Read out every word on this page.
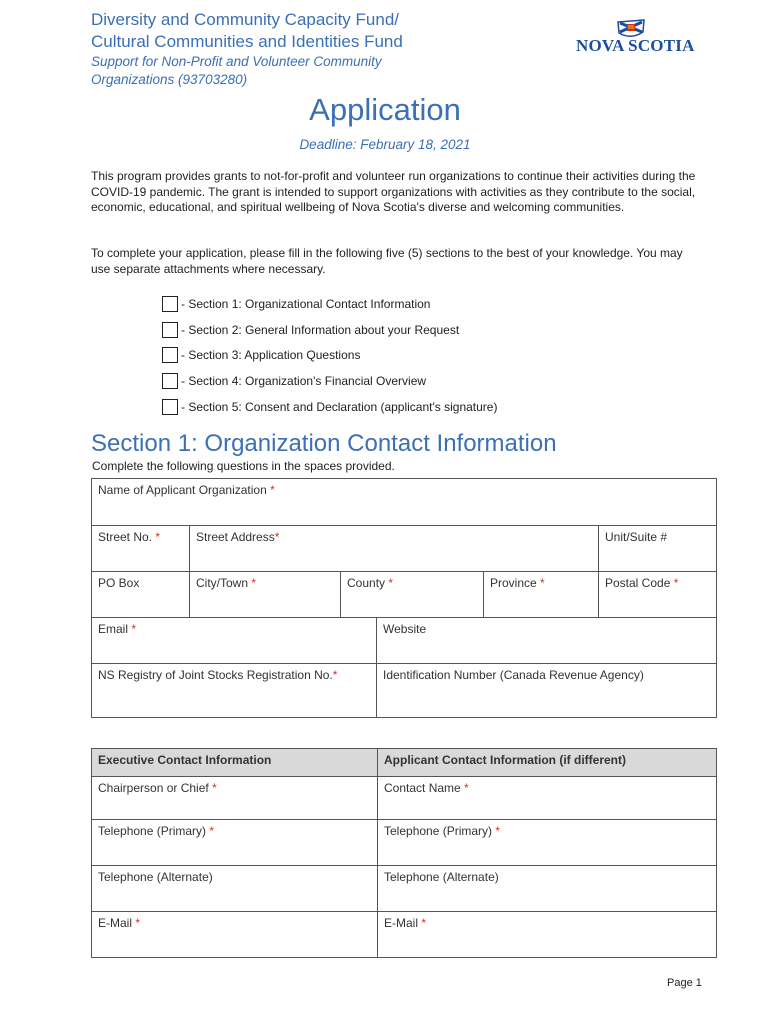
Diversity and Community Capacity Fund/
Cultural Communities and Identities Fund
Support for Non-Profit and Volunteer Community
Organizations (93703280)
NOVA SCOTIA
Application
Deadline: February 18, 2021
This program provides grants to not-for-profit and volunteer run organizations to continue their activities during the COVID-19 pandemic. The grant is intended to support organizations with activities as they contribute to the social, economic, educational, and spiritual wellbeing of Nova Scotia's diverse and welcoming communities.
To complete your application, please fill in the following five (5) sections to the best of your knowledge. You may use separate attachments where necessary.
- Section 1: Organizational Contact Information
- Section 2: General Information about your Request
- Section 3: Application Questions
- Section 4: Organization's Financial Overview
- Section 5: Consent and Declaration (applicant's signature)
Section 1: Organization Contact Information
Complete the following questions in the spaces provided.
Name of Applicant Organization *					
Street No. *	Street Address*				Unit/Suite #
PO Box	City/Town *	County *		Province *	Postal Code *
Email *			Website		
NS Registry of Joint Stocks Registration No.*			Identification Number (Canada Revenue Agency)		
Executive Contact Information	Applicant Contact Information (if different)
Chairperson or Chief *	Contact Name *
Telephone (Primary) *	Telephone (Primary) *
Telephone (Alternate)	Telephone (Alternate)
E-Mail *	E-Mail *
Page 1
